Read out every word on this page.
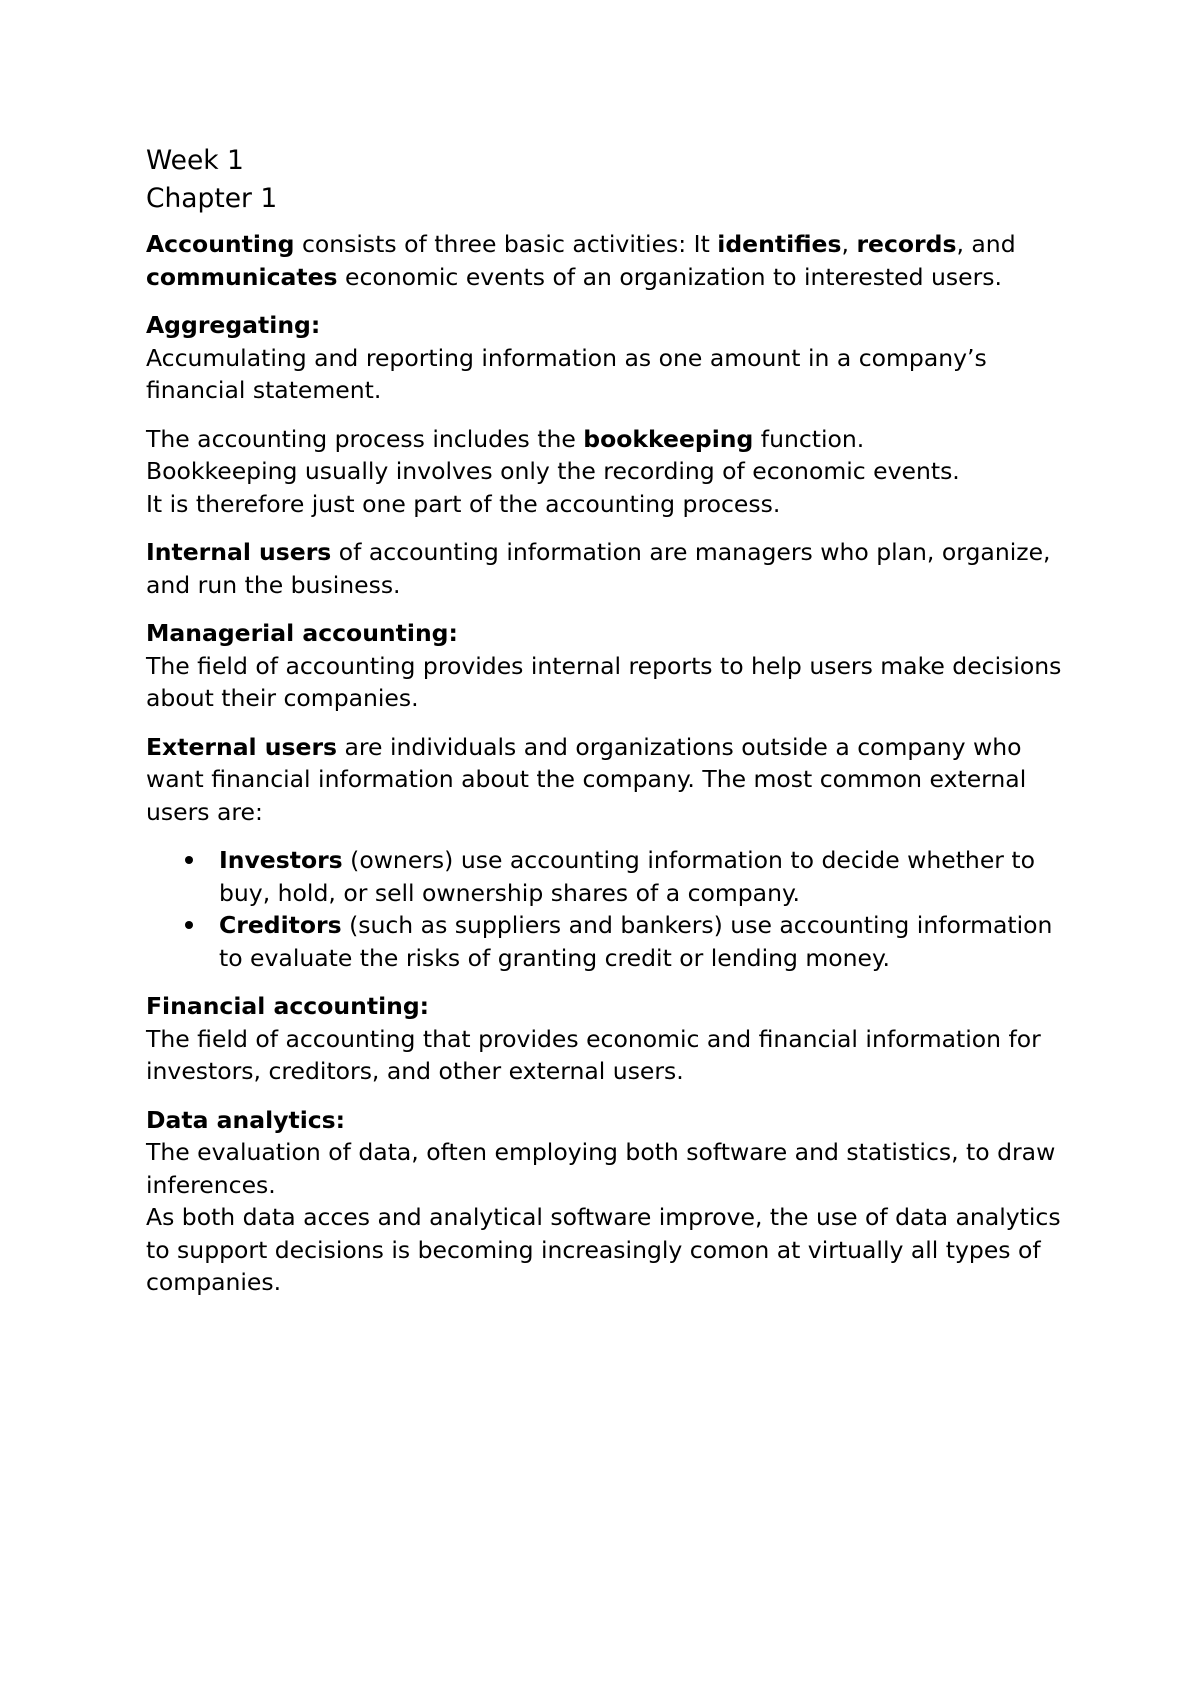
Week 1
Chapter 1

Accounting consists of three basic activities: It identifies, records, and
communicates economic events of an organization to interested users.

Aggregating:
Accumulating and reporting information as one amount in a company’s financial statement.

The accounting process includes the bookkeeping function.
Bookkeeping usually involves only the recording of economic events.
It is therefore just one part of the accounting process.

Internal users of accounting information are managers who plan, organize, and run the business.

Managerial accounting:
The field of accounting provides internal reports to help users make decisions about their companies.

External users are individuals and organizations outside a company who want financial information about the company. The most common external users are:

Investors (owners) use accounting information to decide whether to buy, hold, or sell ownership shares of a company.
Creditors (such as suppliers and bankers) use accounting information to evaluate the risks of granting credit or lending money.

Financial accounting:
The field of accounting that provides economic and financial information for investors, creditors, and other external users.

Data analytics:
The evaluation of data, often employing both software and statistics, to draw inferences.
As both data acces and analytical software improve, the use of data analytics to support decisions is becoming increasingly comon at virtually all types of companies.
